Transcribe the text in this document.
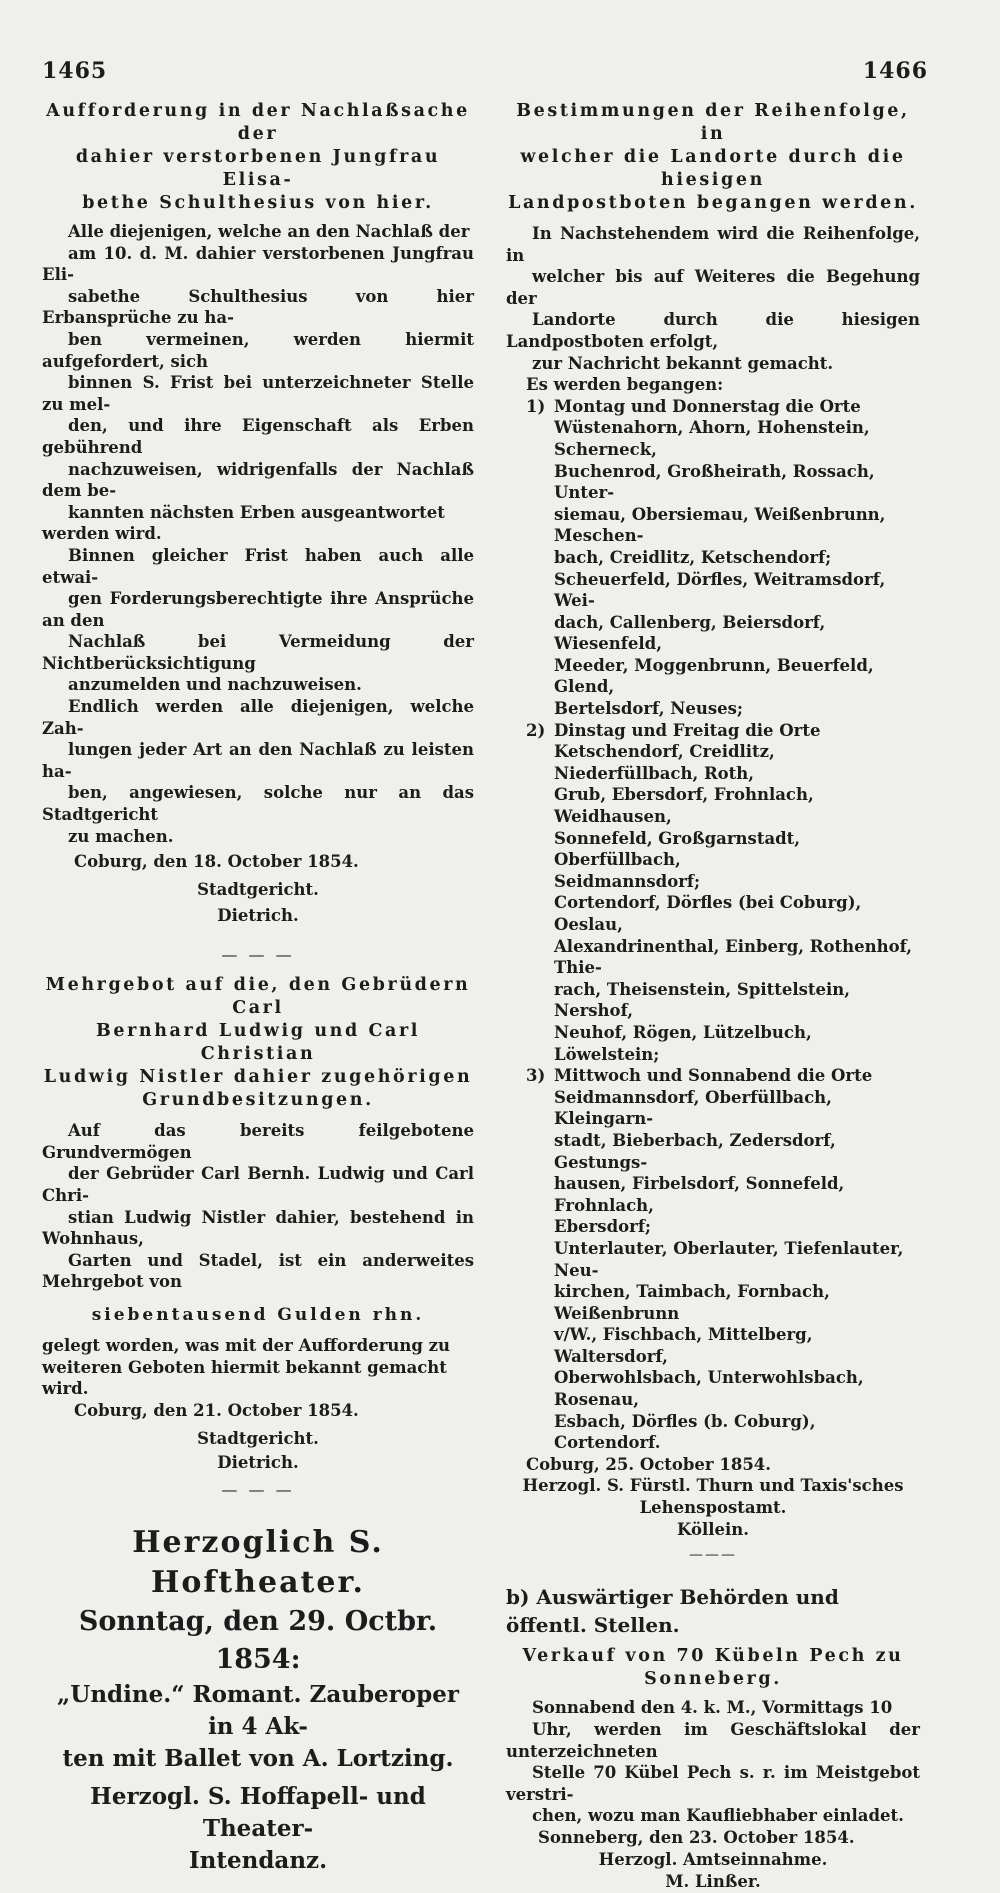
1465	1466
Aufforderung in der Nachlaßsache der
dahier verstorbenen Jungfrau Elisa-
bethe Schulthesius von hier.
Alle diejenigen, welche an den Nachlaß der
am 10. d. M. dahier verstorbenen Jungfrau Eli-
sabethe Schulthesius von hier Erbansprüche zu ha-
ben vermeinen, werden hiermit aufgefordert, sich
binnen S. Frist bei unterzeichneter Stelle zu mel-
den, und ihre Eigenschaft als Erben gebührend
nachzuweisen, widrigenfalls der Nachlaß dem be-
kannten nächsten Erben ausgeantwortet werden wird.
Binnen gleicher Frist haben auch alle etwai-
gen Forderungsberechtigte ihre Ansprüche an den
Nachlaß bei Vermeidung der Nichtberücksichtigung
anzumelden und nachzuweisen.
Endlich werden alle diejenigen, welche Zah-
lungen jeder Art an den Nachlaß zu leisten ha-
ben, angewiesen, solche nur an das Stadtgericht
zu machen.
Coburg, den 18. October 1854.
Stadtgericht.
Dietrich.
— — —
Mehrgebot auf die, den Gebrüdern Carl
Bernhard Ludwig und Carl Christian
Ludwig Nistler dahier zugehörigen
Grundbesitzungen.
Auf das bereits feilgebotene Grundvermögen
der Gebrüder Carl Bernh. Ludwig und Carl Chri-
stian Ludwig Nistler dahier, bestehend in Wohnhaus,
Garten und Stadel, ist ein anderweites Mehrgebot von
siebentausend Gulden rhn.
gelegt worden, was mit der Aufforderung zu
weiteren Geboten hiermit bekannt gemacht wird.
Coburg, den 21. October 1854.
Stadtgericht.
Dietrich.
— — —
Herzoglich S. Hoftheater.
Sonntag, den 29. Octbr. 1854:
„Undine.“ Romant. Zauberoper in 4 Ak-
ten mit Ballet von A. Lortzing.
Herzogl. S. Hoffapell- und Theater-
Intendanz.
Bestimmungen der Reihenfolge, in
welcher die Landorte durch die hiesigen
Landpostboten begangen werden.
In Nachstehendem wird die Reihenfolge, in
welcher bis auf Weiteres die Begehung der
Landorte durch die hiesigen Landpostboten erfolgt,
zur Nachricht bekannt gemacht.
Es werden begangen:
1) Montag und Donnerstag die Orte
Wüstenahorn, Ahorn, Hohenstein, Scherneck,
Buchenrod, Großheirath, Rossach, Unter-
siemau, Obersiemau, Weißenbrunn, Meschen-
bach, Creidlitz, Ketschendorf;
Scheuerfeld, Dörfles, Weitramsdorf, Wei-
dach, Callenberg, Beiersdorf, Wiesenfeld,
Meeder, Moggenbrunn, Beuerfeld, Glend,
Bertelsdorf, Neuses;
2) Dinstag und Freitag die Orte
Ketschendorf, Creidlitz, Niederfüllbach, Roth,
Grub, Ebersdorf, Frohnlach, Weidhausen,
Sonnefeld, Großgarnstadt, Oberfüllbach,
Seidmannsdorf;
Cortendorf, Dörfles (bei Coburg), Oeslau,
Alexandrinenthal, Einberg, Rothenhof, Thie-
rach, Theisenstein, Spittelstein, Nershof,
Neuhof, Rögen, Lützelbuch, Löwelstein;
3) Mittwoch und Sonnabend die Orte
Seidmannsdorf, Oberfüllbach, Kleingarn-
stadt, Bieberbach, Zedersdorf, Gestungs-
hausen, Firbelsdorf, Sonnefeld, Frohnlach,
Ebersdorf;
Unterlauter, Oberlauter, Tiefenlauter, Neu-
kirchen, Taimbach, Fornbach, Weißenbrunn
v/W., Fischbach, Mittelberg, Waltersdorf,
Oberwohlsbach, Unterwohlsbach, Rosenau,
Esbach, Dörfles (b. Coburg), Cortendorf.
Coburg, 25. October 1854.
Herzogl. S. Fürstl. Thurn und Taxis'sches
Lehenspostamt.
Köllein.
———
b) Auswärtiger Behörden und öffentl. Stellen.
Verkauf von 70 Kübeln Pech zu
Sonneberg.
Sonnabend den 4. k. M., Vormittags 10
Uhr, werden im Geschäftslokal der unterzeichneten
Stelle 70 Kübel Pech s. r. im Meistgebot verstri-
chen, wozu man Kaufliebhaber einladet.
Sonneberg, den 23. October 1854.
Herzogl. Amtseinnahme.
M. Linßer.
